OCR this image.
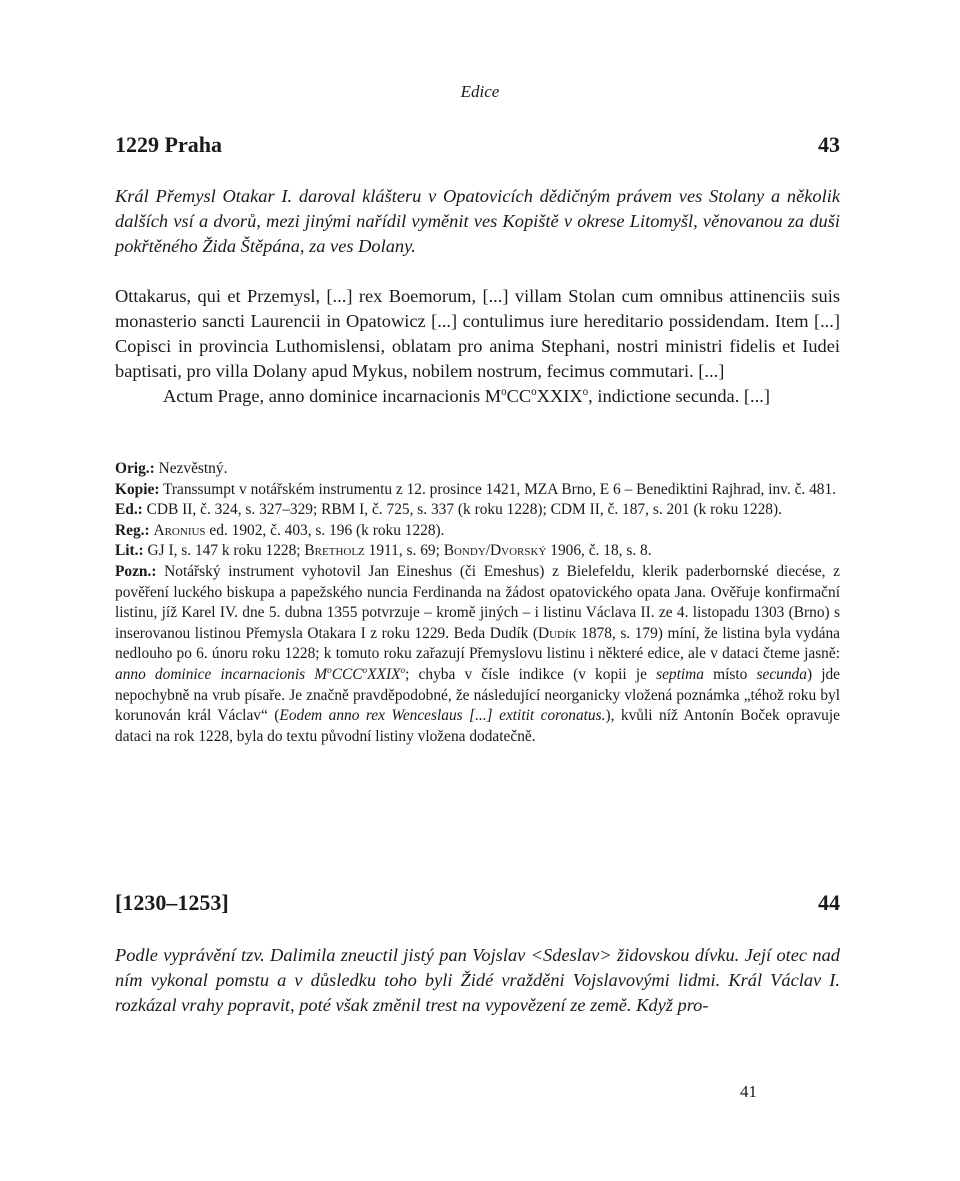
Edice
1229 Praha	43
Král Přemysl Otakar I. daroval klášteru v Opatovicích dědičným právem ves Stolany a několik dalších vsí a dvorů, mezi jinými nařídil vyměnit ves Kopiště v okrese Litomyšl, věnovanou za duši pokřtěného Žida Štěpána, za ves Dolany.

Ottakarus, qui et Przemysl, [...] rex Boemorum, [...] villam Stolan cum omnibus attinenciis suis monasterio sancti Laurencii in Opatowicz [...] contulimus iure hereditario possidendam. Item [...] Copisci in provincia Luthomislensi, oblatam pro anima Stephani, nostri ministri fidelis et Iudei baptisati, pro villa Dolany apud Mykus, nobilem nostrum, fecimus commutari. [...]

Actum Prage, anno dominice incarnacionis $M^oCC^oXXIX^o$, indictione secunda. [...]

Orig.: Nezvěstný.

Kopie: Transsumpt v notářském instrumentu z 12. prosince 1421, MZA Brno, E 6 – Benediktini Rajhrad, inv. č. 481.

Ed.: CDB II, č. 324, s. 327–329; RBM I, č. 725, s. 337 (k roku 1228); CDM II, č. 187, s. 201 (k roku 1228).

Reg.: Aronius ed. 1902, č. 403, s. 196 (k roku 1228).

Lit.: GJ I, s. 147 k roku 1228; Bretholz 1911, s. 69; Bondy/Dvorský 1906, č. 18, s. 8.

Pozn.: Notářský instrument vyhotovil Jan Eineshus (či Emeshus) z Bielefeldu, klerik paderbornské diecése, z pověření luckého biskupa a papežského nuncia Ferdinanda na žádost opatovického opata Jana. Ověřuje konfirmační listinu, jíž Karel IV. dne 5. dubna 1355 potvrzuje – kromě jiných – i listinu Václava II. ze 4. listopadu 1303 (Brno) s inserovanou listinou Přemysla Otakara I z roku 1229. Beda Dudík (Dudík 1878, s. 179) míní, že listina byla vydána nedlouho po 6. únoru roku 1228; k tomuto roku zařazují Přemyslovu listinu i některé edice, ale v dataci čteme jasně: anno dominice incarnacionis $M^oCCC^oXXIX^o$; chyba v čísle indikce (v kopii je septima místo secunda) jde nepochybně na vrub písaře. Je značně pravděpodobné, že následující neorganicky vložená poznámka „téhož roku byl korunován král Václav“ (Eodem anno rex Wenceslaus [...] extitit coronatus.), kvůli níž Antonín Boček opravuje dataci na rok 1228, byla do textu původní listiny vložena dodatečně.

[1230–1253]	44
Podle vyprávění tzv. Dalimila zneuctil jistý pan Vojslav <Sdeslav> židovskou dívku. Její otec nad ním vykonal pomstu a v důsledku toho byli Židé vražděni Vojslavovými lidmi. Král Václav I. rozkázal vrahy popravit, poté však změnil trest na vypovězení ze země. Když pro-
41
